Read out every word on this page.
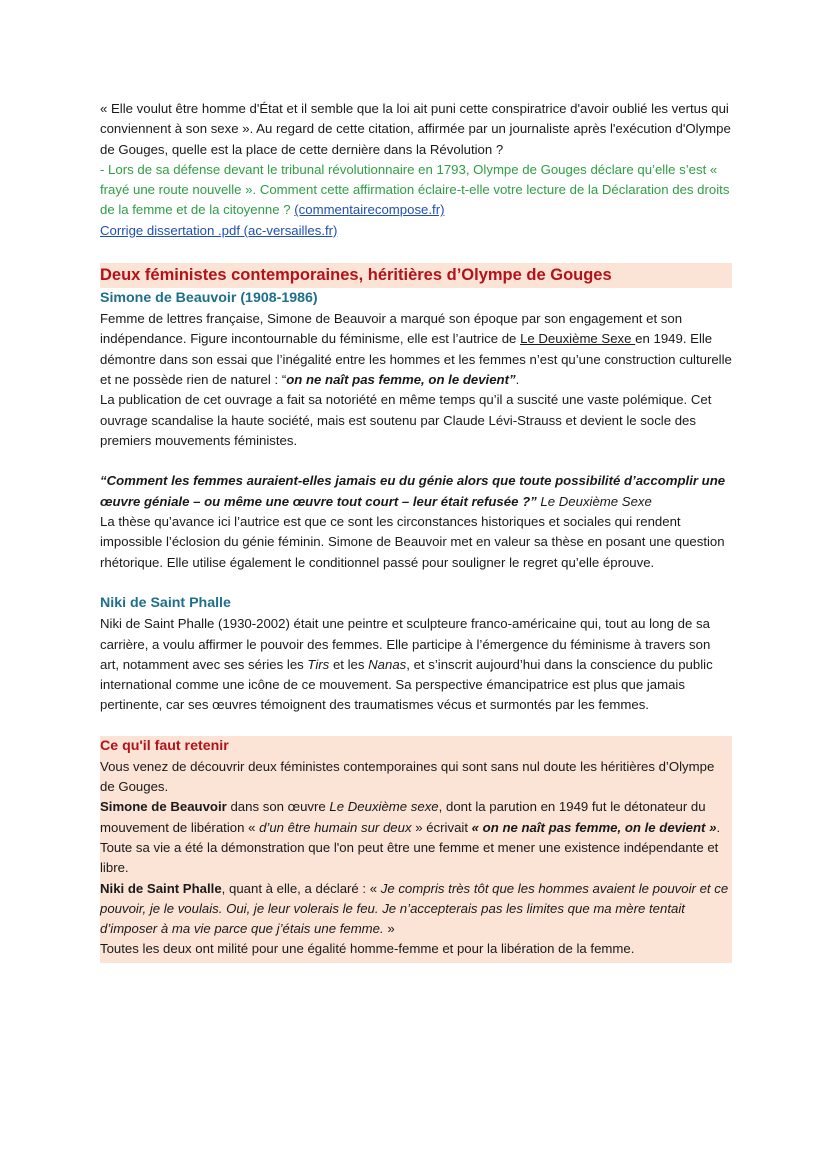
« Elle voulut être homme d'État et il semble que la loi ait puni cette conspiratrice d'avoir oublié les vertus qui conviennent à son sexe ». Au regard de cette citation, affirmée par un journaliste après l'exécution d'Olympe de Gouges, quelle est la place de cette dernière dans la Révolution ?

- Lors de sa défense devant le tribunal révolutionnaire en 1793, Olympe de Gouges déclare qu’elle s’est « frayé une route nouvelle ». Comment cette affirmation éclaire-t-elle votre lecture de la Déclaration des droits de la femme et de la citoyenne ? (commentairecompose.fr)

Corrige dissertation .pdf (ac-versailles.fr)

Deux féministes contemporaines, héritières d’Olympe de Gouges
Simone de Beauvoir (1908-1986)

Femme de lettres française, Simone de Beauvoir a marqué son époque par son engagement et son indépendance. Figure incontournable du féminisme, elle est l’autrice de Le Deuxième Sexe en 1949. Elle démontre dans son essai que l’inégalité entre les hommes et les femmes n’est qu’une construction culturelle et ne possède rien de naturel : “on ne naît pas femme, on le devient”.

La publication de cet ouvrage a fait sa notoriété en même temps qu’il a suscité une vaste polémique. Cet ouvrage scandalise la haute société, mais est soutenu par Claude Lévi-Strauss et devient le socle des premiers mouvements féministes.

“Comment les femmes auraient-elles jamais eu du génie alors que toute possibilité d’accomplir une œuvre géniale – ou même une œuvre tout court – leur était refusée ?” Le Deuxième Sexe

La thèse qu’avance ici l’autrice est que ce sont les circonstances historiques et sociales qui rendent impossible l’éclosion du génie féminin. Simone de Beauvoir met en valeur sa thèse en posant une question rhétorique. Elle utilise également le conditionnel passé pour souligner le regret qu’elle éprouve.

Niki de Saint Phalle

Niki de Saint Phalle (1930-2002) était une peintre et sculpteure franco-américaine qui, tout au long de sa carrière, a voulu affirmer le pouvoir des femmes. Elle participe à l’émergence du féminisme à travers son art, notamment avec ses séries les Tirs et les Nanas, et s’inscrit aujourd’hui dans la conscience du public international comme une icône de ce mouvement. Sa perspective émancipatrice est plus que jamais pertinente, car ses œuvres témoignent des traumatismes vécus et surmontés par les femmes.

Ce qu'il faut retenir

Vous venez de découvrir deux féministes contemporaines qui sont sans nul doute les héritières d’Olympe de Gouges.

Simone de Beauvoir dans son œuvre Le Deuxième sexe, dont la parution en 1949 fut le détonateur du mouvement de libération « d’un être humain sur deux » écrivait « on ne naît pas femme, on le devient ». Toute sa vie a été la démonstration que l'on peut être une femme et mener une existence indépendante et libre.

Niki de Saint Phalle, quant à elle, a déclaré : « Je compris très tôt que les hommes avaient le pouvoir et ce pouvoir, je le voulais. Oui, je leur volerais le feu. Je n’accepterais pas les limites que ma mère tentait d’imposer à ma vie parce que j’étais une femme. »

Toutes les deux ont milité pour une égalité homme-femme et pour la libération de la femme.
